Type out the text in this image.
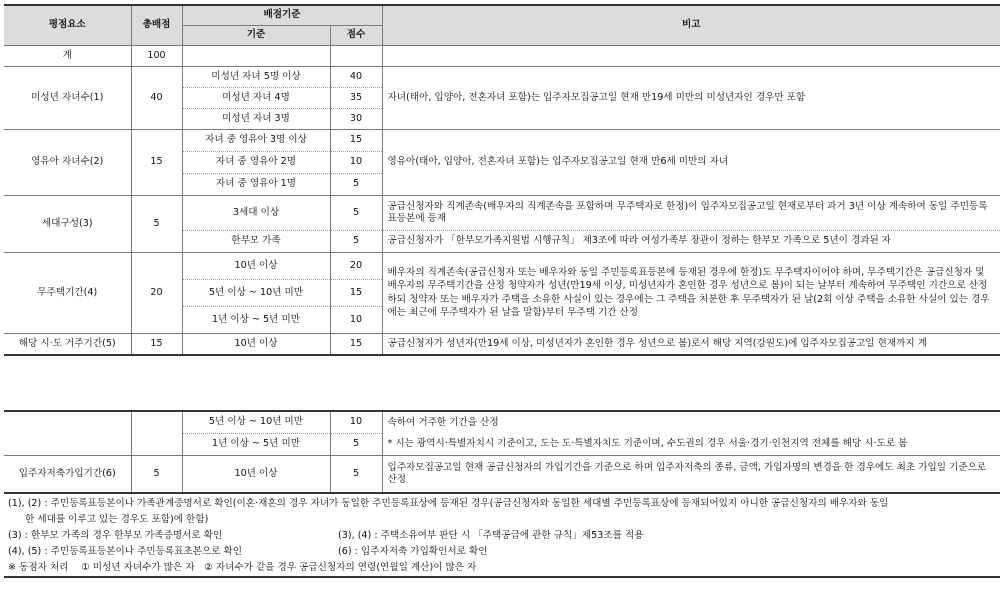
평점요소	총배점	배점기준		비고
		기준	점수	
계	100			
미성년 자녀수(1)	40	미성년 자녀 5명 이상	40	자녀(태아, 입양아, 전혼자녀 포함)는 입주자모집공고일 현재 만19세 미만의 미성년자인 경우만 포함
		미성년 자녀 4명	35	
		미성년 자녀 3명	30	
영유아 자녀수(2)	15	자녀 중 영유아 3명 이상	15	영유아(태아, 입양아, 전혼자녀 포함)는 입주자모집공고일 현재 만6세 미만의 자녀
		자녀 중 영유아 2명	10	
		자녀 중 영유아 1명	5	
세대구성(3)	5	3세대 이상	5	공급신청자와 직계존속(배우자의 직계존속을 포함하며 무주택자로 한정)이 입주자모집공고일 현재로부터 과거 3년 이상 계속하여 동일 주민등록표등본에 등재
		한부모 가족	5	공급신청자가 「한부모가족지원법 시행규칙」 제3조에 따라 여성가족부 장관이 정하는 한부모 가족으로 5년이 경과된 자
무주택기간(4)	20	10년 이상	20	배우자의 직계존속(공급신청자 또는 배우자와 동일 주민등록표등본에 등재된 경우에 한정)도 무주택자이어야 하며, 무주택기간은 공급신청자 및 배우자의 무주택기간을 산정 청약자가 성년(만19세 이상, 미성년자가 혼인한 경우 성년으로 봄)이 되는 날부터 계속하여 무주택인 기간으로 산정하되 청약자 또는 배우자가 주택을 소유한 사실이 있는 경우에는 그 주택을 처분한 후 무주택자가 된 날(2회 이상 주택을 소유한 사실이 있는 경우에는 최근에 무주택자가 된 날을 말함)부터 무주택 기간 산정
		5년 이상 ~ 10년 미만	15	
		1년 이상 ~ 5년 미만	10	
해당 시·도 거주기간(5)	15	10년 이상	15	공급신청자가 성년자(만19세 이상, 미성년자가 혼인한 경우 성년으로 봄)로서 해당 지역(강원도)에 입주자모집공고일 현재까지 계
		5년 이상 ~ 10년 미만	10	속하여 거주한 기간을 산정
		1년 이상 ~ 5년 미만	5	* 시는 광역시·특별자치시 기준이고, 도는 도·특별자치도 기준이며, 수도권의 경우 서울·경기·인천지역 전체를 해당 시·도로 봄
입주자저축가입기간(6)	5	10년 이상	5	입주자모집공고일 현재 공급신청자의 가입기간을 기준으로 하며 입주자저축의 종류, 금액, 가입자명의 변경을 한 경우에도 최초 가입일 기준으로 산정
(1), (2) : 주민등록표등본이나 가족관계증명서로 확인(이혼·재혼의 경우 자녀가 동일한 주민등록표상에 등재된 경우(공급신청자와 동일한 세대별 주민등록표상에 등재되어있지 아니한 공급신청자의 배우자와 동일
한 세대를 이루고 있는 경우도 포함)에 한함)
(3) : 한부모 가족의 경우 한부모 가족증명서로 확인	(3), (4) : 주택소유여부 판단 시 「주택공급에 관한 규칙」제53조를 적용
(4), (5) : 주민등록표등본이나 주민등록표초본으로 확인	(6) : 입주자저축 가입확인서로 확인
※ 동점자 처리　 ① 미성년 자녀수가 많은 자　② 자녀수가 같을 경우 공급신청자의 연령(연월일 계산)이 많은 자
